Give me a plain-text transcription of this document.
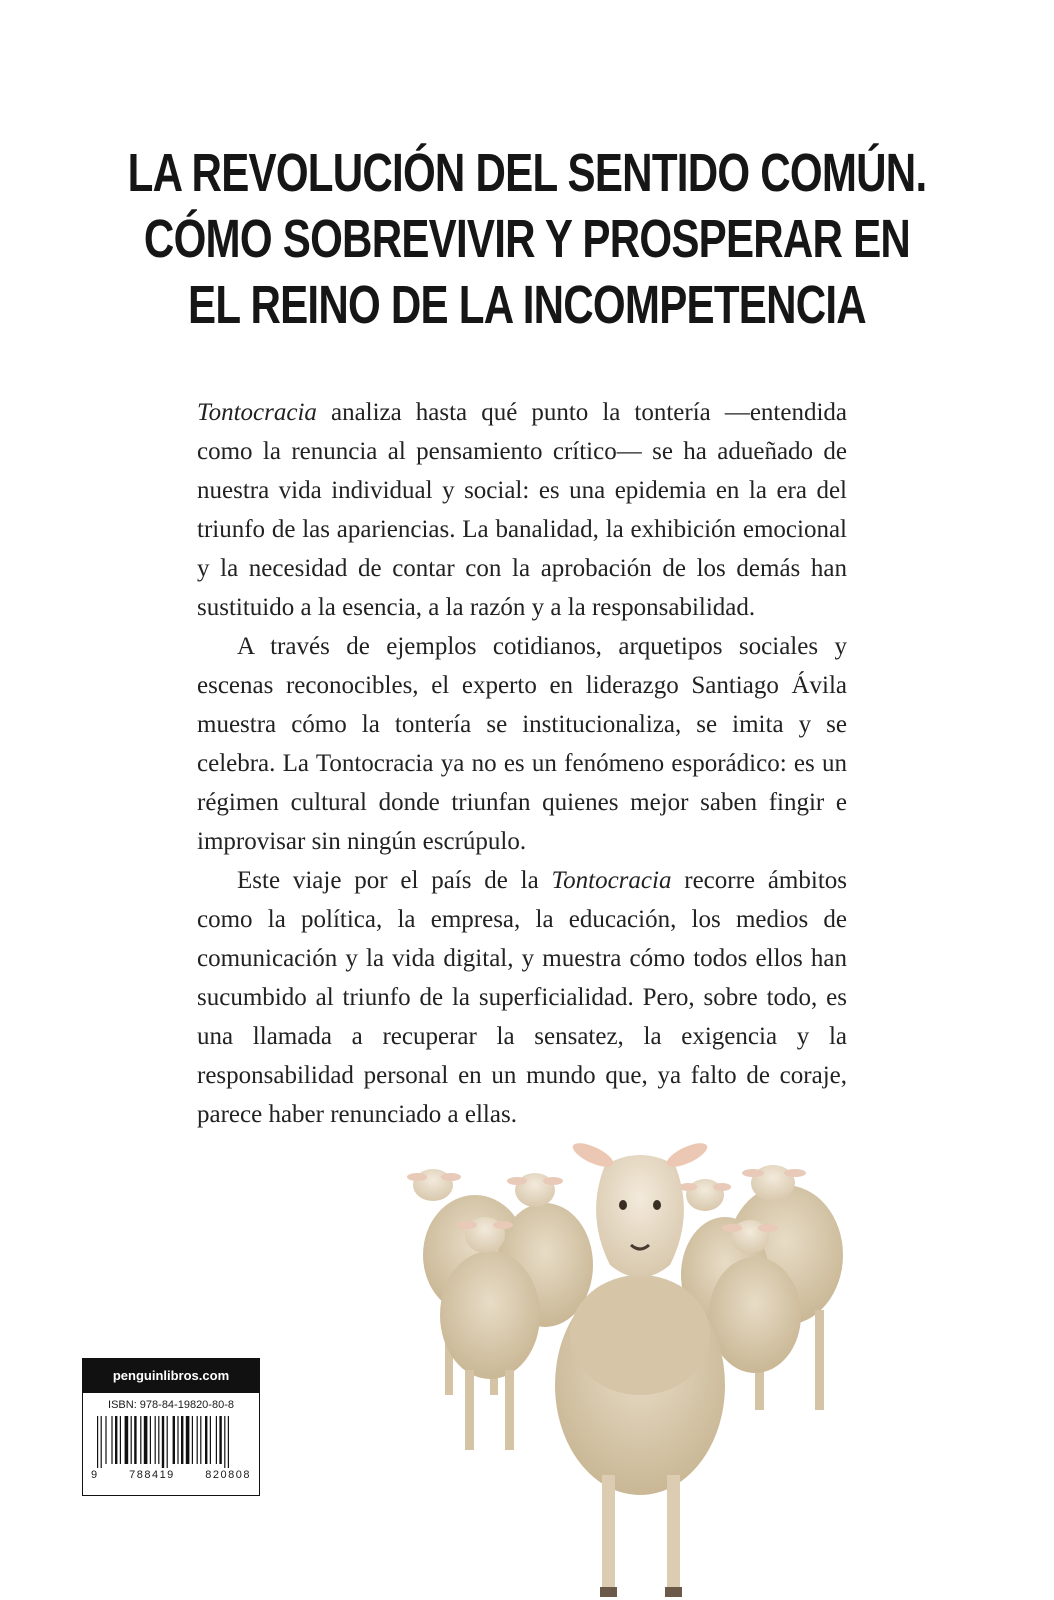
LA REVOLUCIÓN DEL SENTIDO COMÚN.
CÓMO SOBREVIVIR Y PROSPERAR EN
EL REINO DE LA INCOMPETENCIA

Tontocracia analiza hasta qué punto la tontería —entendida como la renuncia al pensamiento crítico— se ha adueñado de nuestra vida individual y social: es una epidemia en la era del triunfo de las apariencias. La banalidad, la exhibición emocional y la necesidad de contar con la aprobación de los demás han sustituido a la esencia, a la razón y a la responsabilidad.

A través de ejemplos cotidianos, arquetipos sociales y escenas reconocibles, el experto en liderazgo Santiago Ávila muestra cómo la tontería se institucionaliza, se imita y se celebra. La Tontocracia ya no es un fenómeno esporádico: es un régimen cultural donde triunfan quienes mejor saben fingir e improvisar sin ningún escrúpulo.

Este viaje por el país de la Tontocracia recorre ámbitos como la política, la empresa, la educación, los medios de comunicación y la vida digital, y muestra cómo todos ellos han sucumbido al triunfo de la superficialidad. Pero, sobre todo, es una llamada a recuperar la sensatez, la exigencia y la responsabilidad personal en un mundo que, ya falto de coraje, parece haber renunciado a ellas.

penguinlibros.com
ISBN: 978-84-19820-80-8
9	788419	820808
